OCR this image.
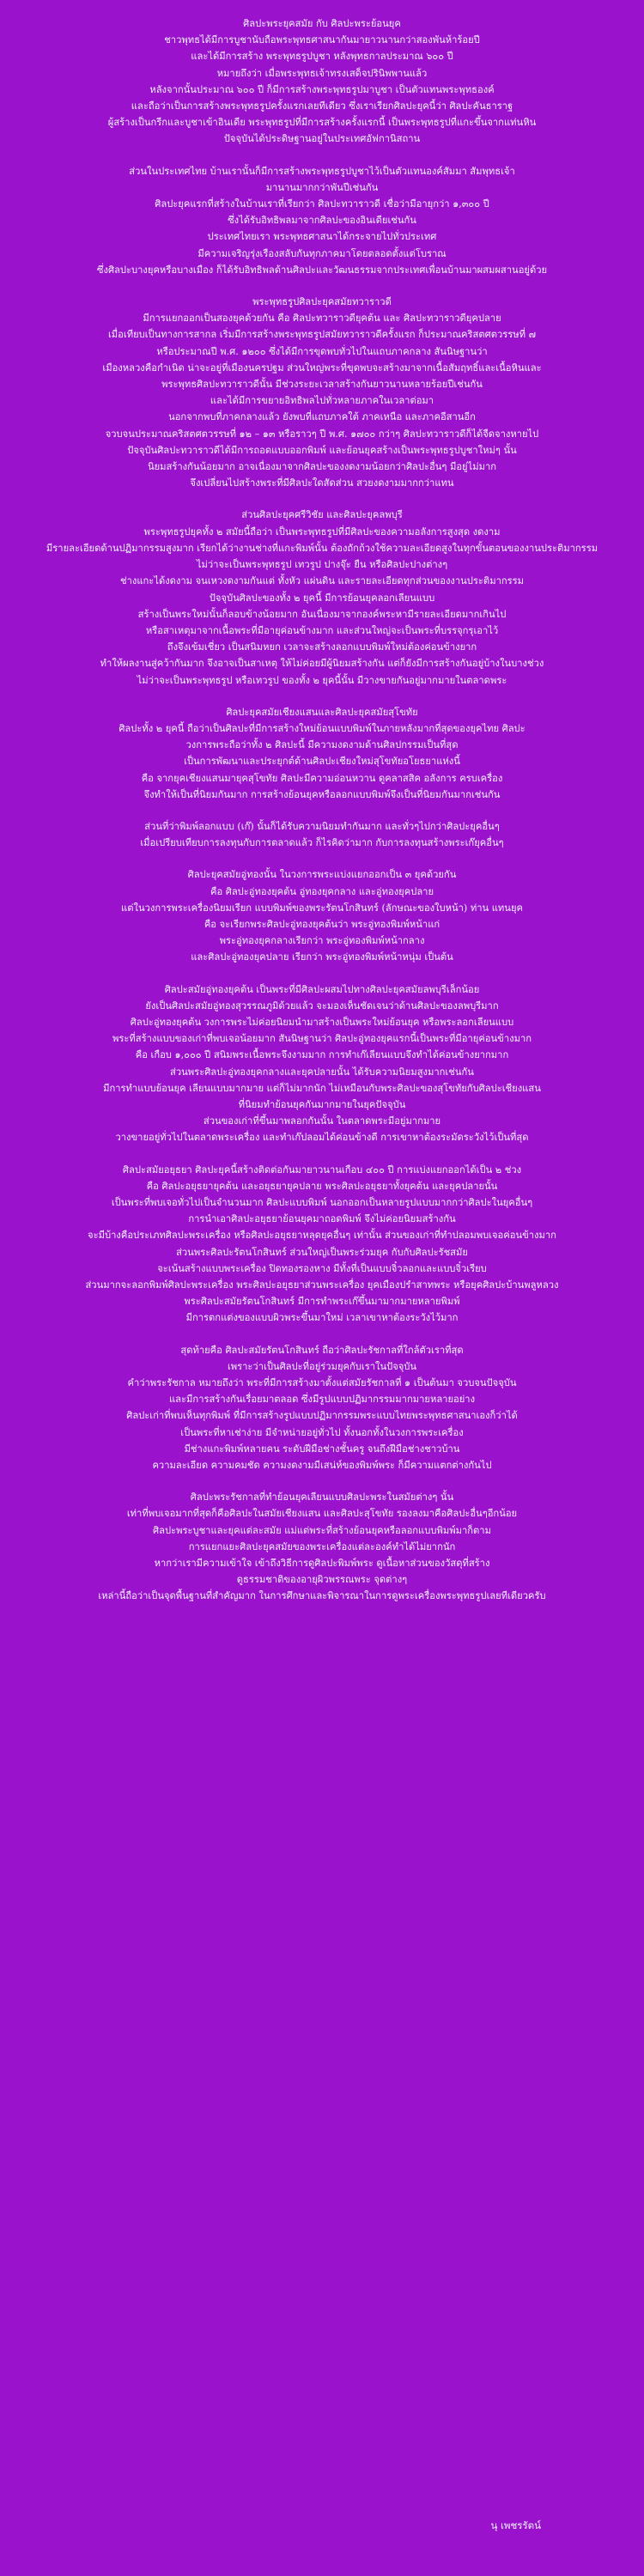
ศิลปะพระยุคสมัย กับ ศิลปะพระย้อนยุค
ชาวพุทธได้มีการบูชานับถือพระพุทธศาสนากันมายาวนานกว่าสองพันห้าร้อยปี
และได้มีการสร้าง พระพุทธรูปบูชา หลังพุทธกาลประมาณ ๖๐๐ ปี
หมายถึงว่า เมื่อพระพุทธเจ้าทรงเสด็จปรินิพพานแล้ว
หลังจากนั้นประมาณ ๖๐๐ ปี ก็มีการสร้างพระพุทธรูปมาบูชา เป็นตัวแทนพระพุทธองค์
และถือว่าเป็นการสร้างพระพุทธรูปครั้งแรกเลยทีเดียว ซึ่งเราเรียกศิลปะยุคนี้ว่า ศิลปะคันธาราฐ
ผู้สร้างเป็นกรีกและบูชาเข้าอินเดีย พระพุทธรูปที่มีการสร้างครั้งแรกนี้ เป็นพระพุทธรูปที่แกะขึ้นจากแท่นหิน
ปัจจุบันได้ประดิษฐานอยู่ในประเทศอัฟกานิสถาน
ส่วนในประเทศไทย บ้านเรานั้นก็มีการสร้างพระพุทธรูปบูชาไว้เป็นตัวแทนองค์สัมมา สัมพุทธเจ้า
มานานมากกว่าพันปีเช่นกัน
ศิลปะยุคแรกที่สร้างในบ้านเราที่เรียกว่า ศิลปะทวาราวดี เชื่อว่ามีอายุกว่า ๑,๓๐๐ ปี
ซึ่งได้รับอิทธิพลมาจากศิลปะของอินเดียเช่นกัน
ประเทศไทยเรา พระพุทธศาสนาได้กระจายไปทั่วประเทศ
มีความเจริญรุ่งเรืองสลับกันทุกภาคมาโดยตลอดตั้งแต่โบราณ
ซึ่งศิลปะบางยุคหรือบางเมือง ก็ได้รับอิทธิพลด้านศิลปะและวัฒนธรรมจากประเทศเพื่อนบ้านมาผสมผสานอยู่ด้วย
พระพุทธรูปศิลปะยุคสมัยทวาราวดี
มีการแยกออกเป็นสองยุคด้วยกัน คือ ศิลปะทวาราวดียุคต้น และ ศิลปะทวาราวดียุคปลาย
เมื่อเทียบเป็นทางการสากล เริ่มมีการสร้างพระพุทธรูปสมัยทวาราวดีครั้งแรก ก็ประมาณคริสตศตวรรษที่ ๗
หรือประมาณปี พ.ศ. ๑๒๐๐ ซึ่งได้มีการขุดพบทั่วไปในแถบภาคกลาง สันนิษฐานว่า
เมืองหลวงคือกำเนิด น่าจะอยู่ที่เมืองนครปฐม ส่วนใหญ่พระที่ขุดพบจะสร้างมาจากเนื้อสัมฤทธิ์และเนื้อหินและ
พระพุทธศิลปะทวาราวดีนั้น มีช่วงระยะเวลาสร้างกันยาวนานหลายร้อยปีเช่นกัน
และได้มีการขยายอิทธิพลไปทั่วหลายภาคในเวลาต่อมา
นอกจากพบที่ภาคกลางแล้ว ยังพบที่แถบภาคใต้ ภาคเหนือ และภาคอีสานอีก
จวบจนประมาณคริสตศตวรรษที่ ๑๒ – ๑๓ หรือราวๆ ปี พ.ศ. ๑๗๐๐ กว่าๆ ศิลปะทวาราวดีก็ได้จืดจางหายไป
ปัจจุบันศิลปะทวาราวดีได้มีการถอดแบบออกพิมพ์ และย้อนยุคสร้างเป็นพระพุทธรูปบูชาใหม่ๆ นั้น
นิยมสร้างกันน้อยมาก อาจเนื่องมาจากศิลปะของงดงามน้อยกว่าศิลปะอื่นๆ มีอยู่ไม่มาก
จึงเปลี่ยนไปสร้างพระที่มีศิลปะใดสัดส่วน สวยงดงามมากกว่าแทน
ส่วนศิลปะยุคศรีวิชัย และศิลปะยุคลพบุรี
พระพุทธรูปยุคทั้ง ๒ สมัยนี้ถือว่า เป็นพระพุทธรูปที่มีศิลปะของความอลังการสูงสุด งดงาม
มีรายละเอียดด้านปฏิมากรรมสูงมาก เรียกได้ว่างานช่างที่แกะพิมพ์นั้น ต้องถักถ้วงใช้ความละเอียดสูงในทุกขั้นตอนของงานประติมากรรม
ไม่ว่าจะเป็นพระพุทธรูป เทวรูป ปางจุ๊ะ ยืน หรือศิลปะปางต่างๆ
ช่างแกะได้งดงาม จนเหวงดงามกันแต่ ทั้งหัว แผ่นดิน และรายละเอียดทุกส่วนของงานประติมากรรม
ปัจจุบันศิลปะของทั้ง ๒ ยุคนี้ มีการย้อนยุคลอกเลียนแบบ
สร้างเป็นพระใหม่นั้นก็ลอบข้างน้อยมาก อันเนื่องมาจากองค์พระหามีรายละเอียดมากเกินไป
หรือสาเหตุมาจากเนื้อพระที่มีอายุค่อนข้างมาก และส่วนใหญ่จะเป็นพระที่บรรจุกรุเอาไว้
ถึงจึงเข้มเชี่ยว เป็นสนิมหยก เวลาจะสร้างลอกแบบพิมพ์ใหม่ต้องค่อนข้างยาก
ทำให้ผลงานสู่คว้ากันมาก จึงอาจเป็นสาเหตุ ให้ไม่ค่อยมีผู้นิยมสร้างกัน แต่ก็ยังมีการสร้างกันอยู่บ้างในบางช่วง
ไม่ว่าจะเป็นพระพุทธรูป หรือเทวรูป ของทั้ง ๒ ยุคนี้นั้น มีวางขายกันอยู่มากมายในตลาดพระ
ศิลปะยุคสมัยเชียงแสนและศิลปะยุคสมัยสุโขทัย
ศิลปะทั้ง ๒ ยุคนี้ ถือว่าเป็นศิลปะที่มีการสร้างใหม่ย้อนแบบพิมพ์ในภายหลังมากที่สุดของยุคไทย ศิลปะ
วงการพระถือว่าทั้ง ๒ ศิลปะนี้ มีความงดงามด้านศิลปกรรมเป็นที่สุด
เป็นการพัฒนาและประยุกต์ด้านศิลปะเชียงใหม่สุโขทัยอโยธยาแห่งนี้
คือ จากยุคเชียงแสนมายุคสุโขทัย ศิลปะมีความอ่อนหวาน ดูคลาสสิค อลังการ ครบเครื่อง
จึงทำให้เป็นที่นิยมกันมาก การสร้างย้อนยุคหรือลอกแบบพิมพ์จึงเป็นที่นิยมกันมากเช่นกัน
ส่วนที่ว่าพิมพ์ลอกแบบ (เก๊) นั้นก็ได้รับความนิยมทำกันมาก และทั่วๆไปกว่าศิลปะยุคอื่นๆ
เมื่อเปรียบเทียบการลงทุนกับการตลาดแล้ว ก็ไรคิดว่ามาก กับการลงทุนสร้างพระเก๊ยุคอื่นๆ
ศิลปะยุคสมัยอู่ทองนั้น ในวงการพระแบ่งแยกออกเป็น ๓ ยุคด้วยกัน
คือ ศิลปะอู่ทองยุคต้น อู่ทองยุคกลาง และอู่ทองยุคปลาย
แต่ในวงการพระเครื่องนิยมเรียก แบบพิมพ์ของพระรัตนโกสินทร์ (ลักษณะของใบหน้า) ท่าน แทนยุค
คือ จะเรียกพระศิลปะอู่ทองยุคต้นว่า พระอู่ทองพิมพ์หน้าแก่
พระอู่ทองยุคกลางเรียกว่า พระอู่ทองพิมพ์หน้ากลาง
และศิลปะอู่ทองยุคปลาย เรียกว่า พระอู่ทองพิมพ์หน้าหนุ่ม เป็นต้น
ศิลปะสมัยอู่ทองยุคต้น เป็นพระที่มีศิลปะผสมไปทางศิลปะยุคสมัยลพบุรีเล็กน้อย
ยังเป็นศิลปะสมัยอู่ทองสุวรรณภูมิด้วยแล้ว จะมองเห็นชัดเจนว่าด้านศิลปะของลพบุรีมาก
ศิลปะอู่ทองยุคต้น วงการพระไม่ค่อยนิยมนำมาสร้างเป็นพระใหม่ย้อนยุค หรือพระลอกเลียนแบบ
พระที่สร้างแบบของเก่าที่พบเจอน้อยมาก สันนิษฐานว่า ศิลปะอู่ทองยุคแรกนี้เป็นพระที่มีอายุค่อนข้างมาก
คือ เกือบ ๑,๐๐๐ ปี สนิมพระเนื้อพระจึงงามมาก การทำเก๊เลียนแบบจึงทำได้ค่อนข้างยากมาก
ส่วนพระศิลปะอู่ทองยุคกลางและยุคปลายนั้น ได้รับความนิยมสูงมากเช่นกัน
มีการทำแบบย้อนยุค เลียนแบบมากมาย แต่ก็ไม่มากนัก ไม่เหมือนกับพระศิลปะของสุโขทัยกับศิลปะเชียงแสน
ที่นิยมทำย้อนยุคกันมากมายในยุคปัจจุบัน
ส่วนของเก่าที่ขึ้นมาพลอกกันนั้น ในตลาดพระมีอยู่มากมาย
วางขายอยู่ทั่วไปในตลาดพระเครื่อง และทำเก๊ปลอมได้ค่อนข้างดี การเขาหาต้องระมัดระวังไว้เป็นที่สุด
ศิลปะสมัยอยุธยา ศิลปะยุคนี้สร้างติดต่อกันมายาวนานเกือบ ๔๐๐ ปี การแบ่งแยกออกได้เป็น ๒ ช่วง
คือ ศิลปะอยุธยายุคต้น และอยุธยายุคปลาย พระศิลปะอยุธยาทั้งยุคต้น และยุคปลายนั้น
เป็นพระที่พบเจอทั่วไปเป็นจำนวนมาก ศิลปะแบบพิมพ์ นอกออกเป็นหลายรูปแบบมากกว่าศิลปะในยุคอื่นๆ
การนำเอาศิลปะอยุธยาย้อนยุคมาถอดพิมพ์ จึงไม่ค่อยนิยมสร้างกัน
จะมีบ้างคือประเภทศิลปะพระเครื่อง หรือศิลปะอยุธยาหลุดยุคอื่นๆ เท่านั้น ส่วนของเก่าที่ทำปลอมพบเจอค่อนข้างมาก
ส่วนพระศิลปะรัตนโกสินทร์ ส่วนใหญ่เป็นพระร่วมยุค กับกับศิลปะรัชสมัย
จะเน้นสร้างแบบพระเครื่อง ปิดทองรองหาง มีทั้งที่เป็นแบบจิ๋วลอกและแบบจิ๋วเรียบ
ส่วนมากจะลอกพิมพ์ศิลปะพระเครื่อง พระศิลปะอยุธยาส่วนพระเครื่อง ยุคเมืองปรำสาทพระ หรือยุคศิลปะบ้านพลูหลวง
พระศิลปะสมัยรัตนโกสินทร์ มีการทำพระเก๊ขึ้นมามากมายหลายพิมพ์
มีการตกแต่งของแบบผิวพระขึ้นมาใหม่ เวลาเขาหาต้องระวังไว้มาก
สุดท้ายคือ ศิลปะสมัยรัตนโกสินทร์ ถือว่าศิลปะรัชกาลที่ใกล้ตัวเราที่สุด
เพราะว่าเป็นศิลปะที่อยู่ร่วมยุคกับเราในปัจจุบัน
คำว่าพระรัชกาล หมายถึงว่า พระที่มีการสร้างมาตั้งแต่สมัยรัชกาลที่ ๑ เป็นต้นมา จวบจนปัจจุบัน
และมีการสร้างกันเรื่อยมาตลอด ซึ่งมีรูปแบบปฏิมากรรมมากมายหลายอย่าง
ศิลปะเก่าที่พบเห็นทุกพิมพ์ ที่มีการสร้างรูปแบบปฏิมากรรมพระแบบไทยพระพุทธศาสนาเองก็ว่าได้
เป็นพระที่หาเช่าง่าย มีจำหน่ายอยู่ทั่วไป ทั้งนอกทั้งในวงการพระเครื่อง
มีช่างแกะพิมพ์หลายคน ระดับฝีมือช่างชั้นครู จนถึงฝีมือช่างชาวบ้าน
ความละเอียด ความคมชัด ความงดงามมีเสน่ห์ของพิมพ์พระ ก็มีความแตกต่างกันไป
ศิลปะพระรัชกาลที่ทำย้อนยุคเลียนแบบศิลปะพระในสมัยต่างๆ นั้น
เท่าที่พบเจอมากที่สุดก็คือศิลปะในสมัยเชียงแสน และศิลปะสุโขทัย รองลงมาคือศิลปะอื่นๆอีกน้อย
ศิลปะพระบูชาและยุคแต่ละสมัย แม่แต่พระที่สร้างย้อนยุคหรือลอกแบบพิมพ์มาก็ตาม
การแยกแยะศิลปะยุคสมัยของพระเครื่องแต่ละองค์ทำได้ไม่ยากนัก
หากว่าเรามีความเข้าใจ เข้าถึงวิธีการดูศิลปะพิมพ์พระ ดูเนื้อหาส่วนของวัสดุที่สร้าง
ดูธรรมชาติของอายุผิวพรรณพระ จุดต่างๆ
เหล่านี้ถือว่าเป็นจุดพื้นฐานที่สำคัญมาก ในการศึกษาและพิจารณาในการดูพระเครื่องพระพุทธรูปเลยทีเดียวครับ
นุ เพชรรัตน์
